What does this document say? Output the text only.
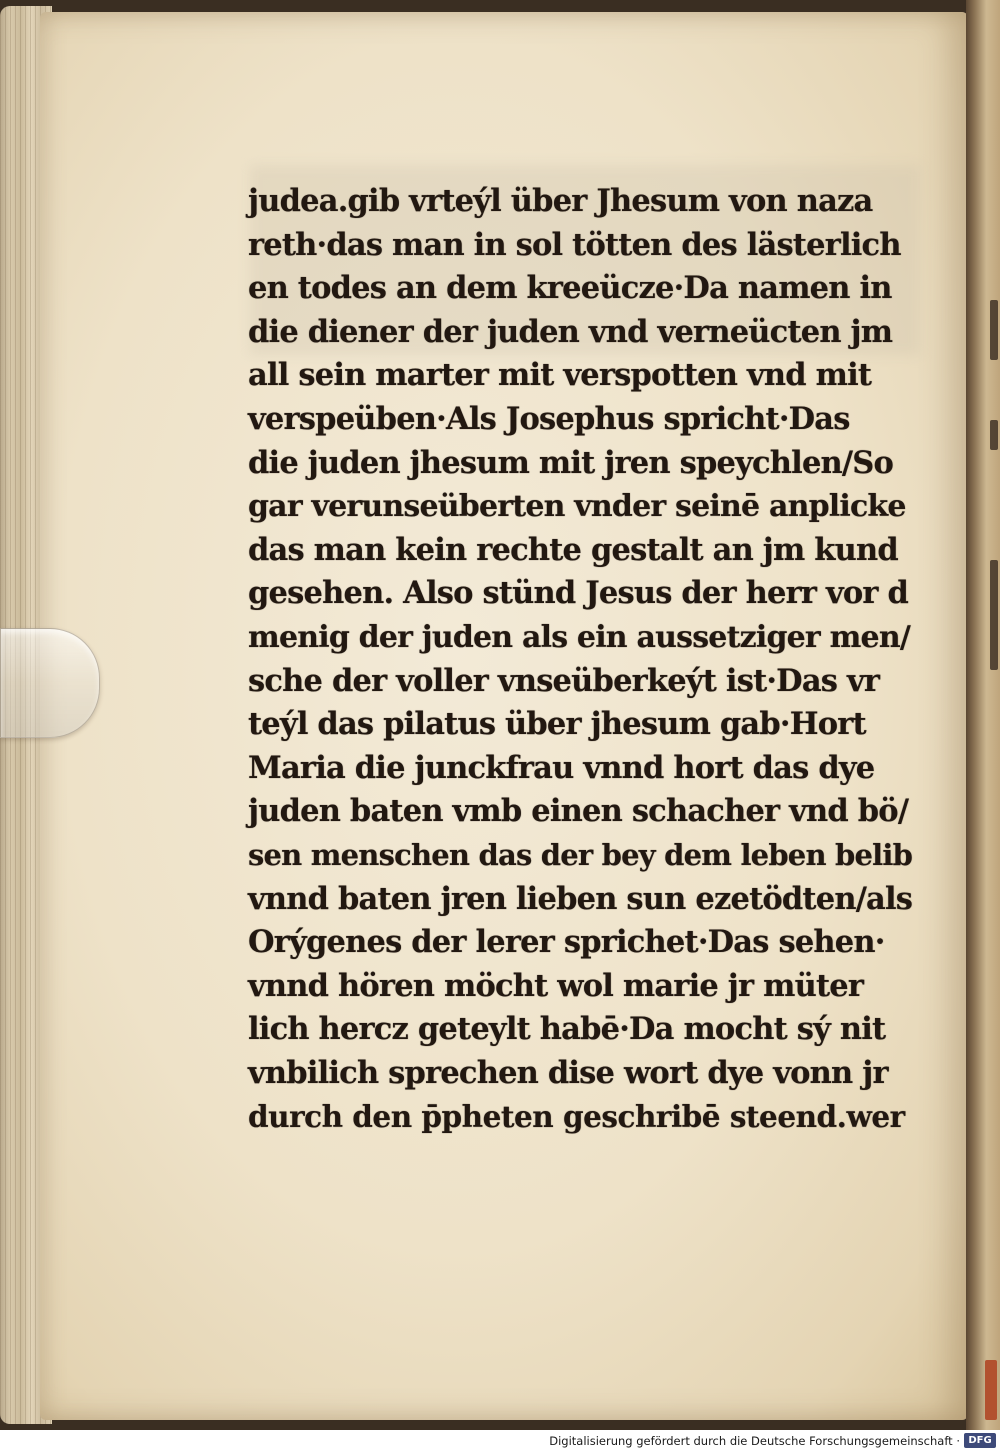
judea.gib vrteýl über Jhesum von naza
reth·das man in sol tötten des lästerlich
en todes an dem kreeücze·Da namen in
die diener der juden vnd verneücten jm
all sein marter mit verspotten vnd mit
verspeüben·Als Josephus spricht·Das
die juden jhesum mit jren speychlen/So
gar verunseüberten vnder seinē anplicke
das man kein rechte gestalt an jm kund
gesehen. Also stünd Jesus der herr vor d
menig der juden als ein aussetziger men/
sche der voller vnseüberkeýt ist·Das vr
teýl das pilatus über jhesum gab·Hort
Maria die junckfrau vnnd hort das dye
juden baten vmb einen schacher vnd bö/
sen menschen das der bey dem leben belib
vnnd baten jren lieben sun ezetödten/als
Orýgenes der lerer sprichet·Das sehen·
vnnd hören möcht wol marie jr müter
lich hercz geteylt habē·Da mocht sý nit
vnbilich sprechen dise wort dye vonn jr
durch den p̄pheten geschribē steend.wer
Digitalisierung gefördert durch die Deutsche Forschungsgemeinschaft · DFG
